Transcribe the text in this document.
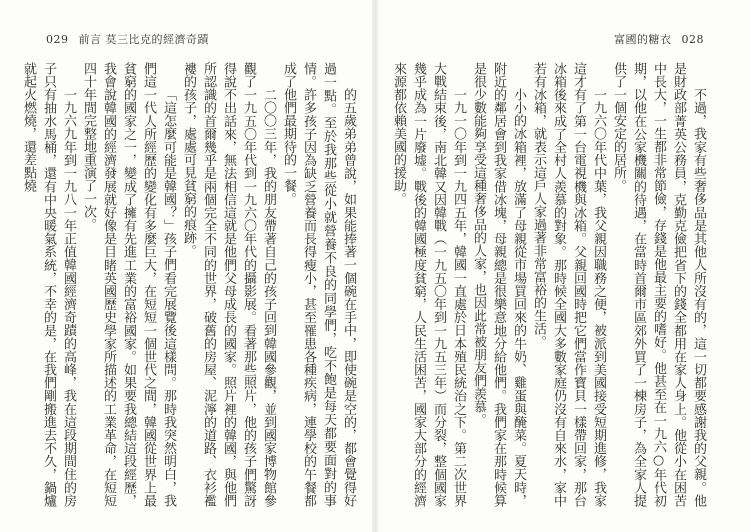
029 前言 莫三比克的經濟奇蹟	富國的糖衣 028

的五歲弟弟曾說，如果能捧著一個碗在手中，即使碗是空的，都會覺得好過一點。至於我那些從小就營養不良的同學們，吃不飽是每天都要面對的事情。許多孩子因為缺乏營養而長得瘦小，甚至罹患各種疾病，連學校的午餐都成了他們最期待的一餐。

二〇〇三年，我的朋友帶著自己的孩子回到韓國參觀，並到國家博物館參觀了一九五〇年代到一九六〇年代的攝影展。看著那些照片，他的孩子們驚訝得說不出話來，無法相信這就是他們父母成長的國家。照片裡的韓國，與他們所認識的首爾幾乎是兩個完全不同的世界，破舊的房屋、泥濘的道路、衣衫襤褸的孩子，處處可見貧窮的痕跡。

「這怎麼可能是韓國？」孩子們看完展覽後這樣問。那時我突然明白，我們這一代人所經歷的變化有多麼巨大，在短短一個世代之間，韓國從世界上最貧窮的國家之一，變成了擁有先進工業的富裕國家。如果要我總結這段經歷，我會說韓國的經濟發展就好像是目睹英國歷史學家所描述的工業革命，在短短四十年間完整地重演了一次。

一九六九年到一九八一年正值韓國經濟奇蹟的高峰，我在這段期間住的房子只有抽水馬桶，還有中央暖氣系統，不幸的是，在我們剛搬進去不久，鍋爐就起火燃燒，還差點燒	不過，我家有些奢侈品是其他人所沒有的，這一切都要感謝我的父親。他是財政部菁英公務員，克勤克儉把省下的錢全都用在家人身上。他從小在困苦中長大，一生都非常節儉，存錢是他最主要的嗜好。他甚至在一九六○年代初期，以他在公家機關的待遇，在當時首爾市區郊外買了一棟房子，為全家人提供了一個安定的居所。

一九六〇年代中葉，我父親因職務之便，被派到美國接受短期進修，我家這才有了第一台電視機與冰箱。父親回國時把它們當作寶貝一樣帶回家，那台冰箱後來成了全村人羨慕的對象。那時候全國大多數家庭仍沒有自來水，家中若有冰箱，就表示這戶人家過著非常富裕的生活。

小小的冰箱裡，放滿了母親從市場買回來的牛奶、雞蛋與醃菜。夏天時，附近的鄰居會到我家借冰塊，母親總是很樂意地分給他們。我們家在那時候算是很少數能夠享受這種奢侈品的人家，也因此常被朋友們羨慕。

一九一〇年到一九四五年，韓國一直處於日本殖民統治之下。第二次世界大戰結束後，南北韓又因韓戰（一九五〇年到一九五三年）而分裂，整個國家幾乎成為一片廢墟。戰後的韓國極度貧窮，人民生活困苦，國家大部分的經濟來源都依賴美國的援助。
